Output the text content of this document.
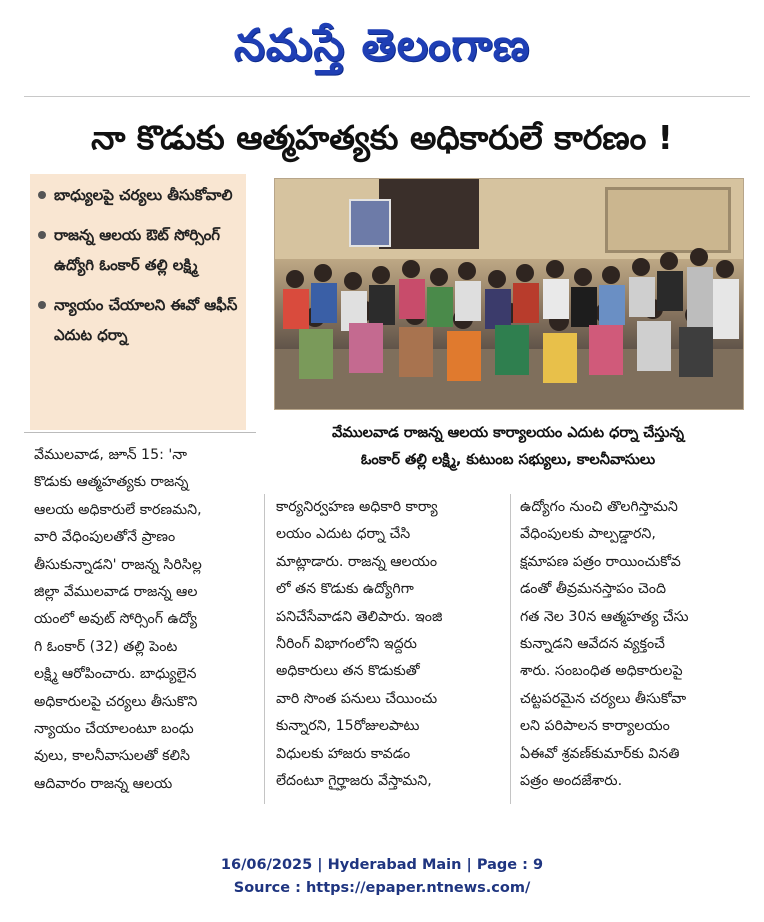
నమస్తే తెలంగాణ
నా కొడుకు ఆత్మహత్యకు అధికారులే కారణం !
బాధ్యులపై చర్యలు తీసుకోవాలి
రాజన్న ఆలయ ఔట్ సోర్సింగ్ ఉద్యోగి ఓంకార్ తల్లి లక్ష్మి
న్యాయం చేయాలని ఈవో ఆఫీస్ ఎదుట ధర్నా
వేములవాడ రాజన్న ఆలయ కార్యాలయం ఎదుట ధర్నా చేస్తున్న
ఓంకార్ తల్లి లక్ష్మి, కుటుంబ సభ్యులు, కాలనీవాసులు
వేములవాడ, జూన్ 15: 'నా
కొడుకు ఆత్మహత్యకు రాజన్న
ఆలయ అధికారులే కారణమని,
వారి వేధింపులతోనే ప్రాణం
తీసుకున్నాడని' రాజన్న సిరిసిల్ల
జిల్లా వేములవాడ రాజన్న ఆల
యంలో అవుట్ సోర్సింగ్ ఉద్యో
గి ఓంకార్ (32) తల్లి పెంట
లక్ష్మి ఆరోపించారు. బాధ్యులైన
అధికారులపై చర్యలు తీసుకొని
న్యాయం చేయాలంటూ బంధు
వులు, కాలనీవాసులతో కలిసి
ఆదివారం రాజన్న ఆలయ
కార్యనిర్వహణ అధికారి కార్యా
లయం ఎదుట ధర్నా చేసి
మాట్లాడారు. రాజన్న ఆలయం
లో తన కొడుకు ఉద్యోగిగా
పనిచేసేవాడని తెలిపారు. ఇంజి
నీరింగ్ విభాగంలోని ఇద్దరు
అధికారులు తన కొడుకుతో
వారి సొంత పనులు చేయించు
కున్నారని, 15రోజులపాటు
విధులకు హాజరు కావడం
లేదంటూ గైర్హాజరు వేస్తామని,
ఉద్యోగం నుంచి తొలగిస్తామని
వేధింపులకు పాల్పడ్డారని,
క్షమాపణ పత్రం రాయించుకోవ
డంతో తీవ్రమనస్తాపం చెంది
గత నెల 30న ఆత్మహత్య చేసు
కున్నాడని ఆవేదన వ్యక్తంచే
శారు. సంబంధిత అధికారులపై
చట్టపరమైన చర్యలు తీసుకోవా
లని పరిపాలన కార్యాలయం
ఏఈవో శ్రవణ్‌కుమార్‌కు వినతి
పత్రం అందజేశారు.
16/06/2025 | Hyderabad Main | Page : 9
Source : https://epaper.ntnews.com/
